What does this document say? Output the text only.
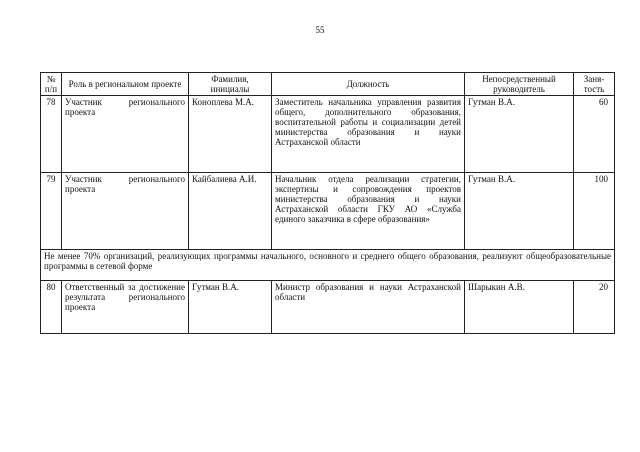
55
№ п/п	Роль в региональном проекте	Фамилия, инициалы	Должность	Непосредственный руководитель	Заня-тость
78	Участник регионального проекта	Коноплева М.А.	Заместитель начальника управления развития общего, дополнительного образования, воспитательной работы и социализации детей министерства образования и науки Астраханской области	Гутман В.А.	60
79	Участник регионального проекта	Кайбалиева А.И.	Начальник отдела реализации стратегии, экспертизы и сопровождения проектов министерства образования и науки Астраханской области ГКУ АО «Служба единого заказчика в сфере образования»	Гутман В.А.	100
Не менее 70% организаций, реализующих программы начального, основного и среднего общего образования, реализуют общеобразовательные программы в сетевой форме					
80	Ответственный за достижение результата регионального проекта	Гутман В.А.	Министр образования и науки Астраханской области	Шарыкин А.В.	20
